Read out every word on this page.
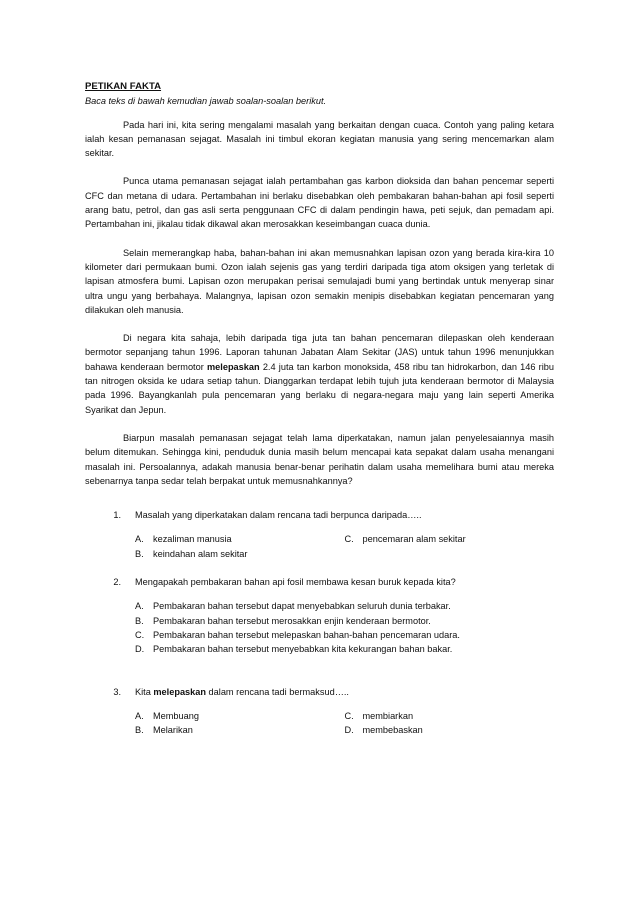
PETIKAN FAKTA
Baca teks di bawah kemudian jawab soalan-soalan berikut.

Pada hari ini, kita sering mengalami masalah yang berkaitan dengan cuaca. Contoh yang paling ketara ialah kesan pemanasan sejagat. Masalah ini timbul ekoran kegiatan manusia yang sering mencemarkan alam sekitar.

Punca utama pemanasan sejagat ialah pertambahan gas karbon dioksida dan bahan pencemar seperti CFC dan metana di udara. Pertambahan ini berlaku disebabkan oleh pembakaran bahan-bahan api fosil seperti arang batu, petrol, dan gas asli serta penggunaan CFC di dalam pendingin hawa, peti sejuk, dan pemadam api. Pertambahan ini, jikalau tidak dikawal akan merosakkan keseimbangan cuaca dunia.

Selain memerangkap haba, bahan-bahan ini akan memusnahkan lapisan ozon yang berada kira-kira 10 kilometer dari permukaan bumi. Ozon ialah sejenis gas yang terdiri daripada tiga atom oksigen yang terletak di lapisan atmosfera bumi. Lapisan ozon merupakan perisai semulajadi bumi yang bertindak untuk menyerap sinar ultra ungu yang berbahaya. Malangnya, lapisan ozon semakin menipis disebabkan kegiatan pencemaran yang dilakukan oleh manusia.

Di negara kita sahaja, lebih daripada tiga juta tan bahan pencemaran dilepaskan oleh kenderaan bermotor sepanjang tahun 1996. Laporan tahunan Jabatan Alam Sekitar (JAS) untuk tahun 1996 menunjukkan bahawa kenderaan bermotor melepaskan 2.4 juta tan karbon monoksida, 458 ribu tan hidrokarbon, dan 146 ribu tan nitrogen oksida ke udara setiap tahun. Dianggarkan terdapat lebih tujuh juta kenderaan bermotor di Malaysia pada 1996. Bayangkanlah pula pencemaran yang berlaku di negara-negara maju yang lain seperti Amerika Syarikat dan Jepun.

Biarpun masalah pemanasan sejagat telah lama diperkatakan, namun jalan penyelesaiannya masih belum ditemukan. Sehingga kini, penduduk dunia masih belum mencapai kata sepakat dalam usaha menangani masalah ini. Persoalannya, adakah manusia benar-benar perihatin dalam usaha memelihara bumi atau mereka sebenarnya tanpa sedar telah berpakat untuk memusnahkannya?

1.	Masalah yang diperkatakan dalam rencana tadi berpunca daripada…..
A.	kezaliman manusia	C. pencemaran alam sekitar
B.	keindahan alam sekitar
2.	Mengapakah pembakaran bahan api fosil membawa kesan buruk kepada kita?
A.	Pembakaran bahan tersebut dapat menyebabkan seluruh dunia terbakar.
B.	Pembakaran bahan tersebut merosakkan enjin kenderaan bermotor.
C. Pembakaran bahan tersebut melepaskan bahan-bahan pencemaran udara.
D. Pembakaran bahan tersebut menyebabkan kita kekurangan bahan bakar.
3.	Kita melepaskan dalam rencana tadi bermaksud…..
A.	Membuang	C. membiarkan
B.	Melarikan	D. membebaskan
